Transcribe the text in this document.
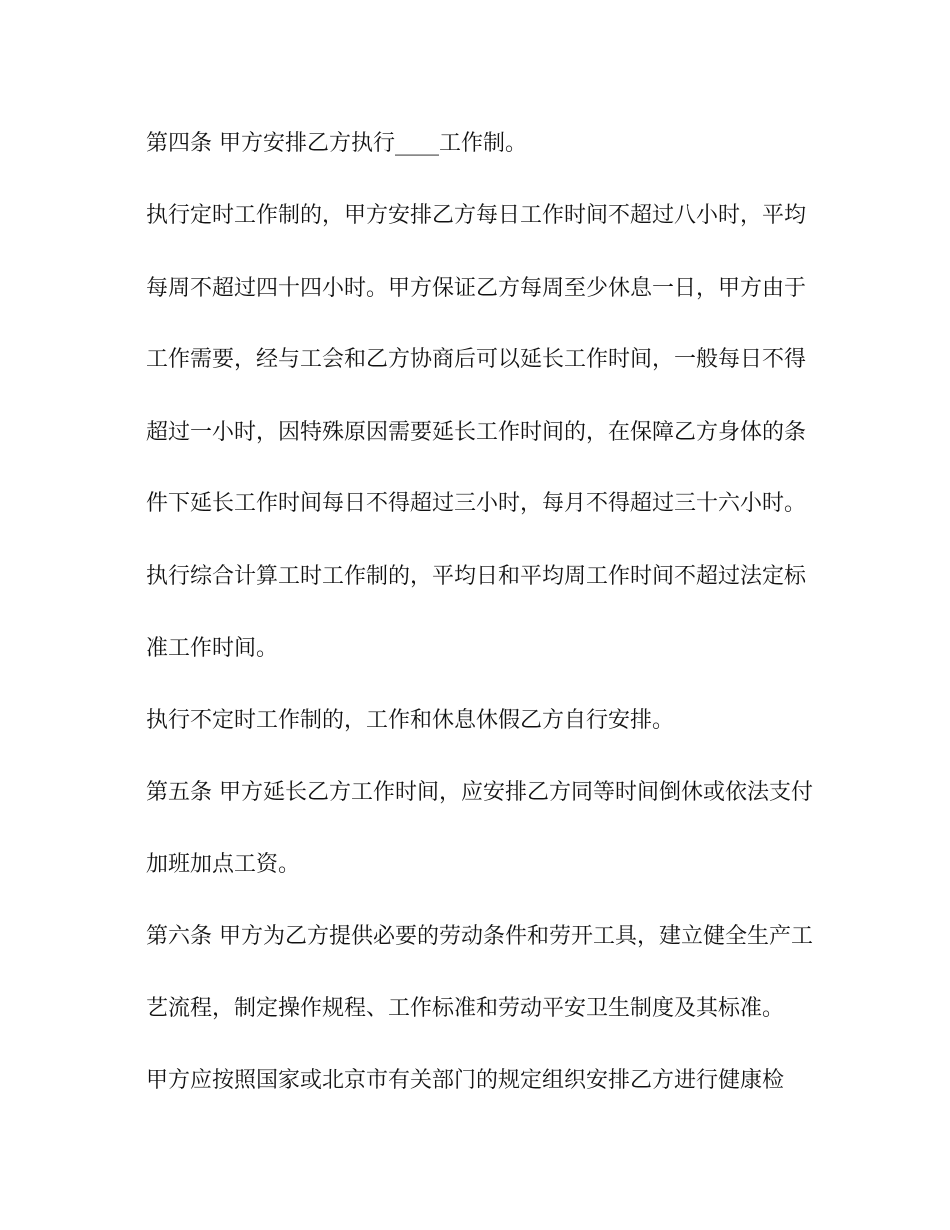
第四条 甲方安排乙方执行____工作制。
执行定时工作制的，甲方安排乙方每日工作时间不超过八小时，平均
每周不超过四十四小时。甲方保证乙方每周至少休息一日，甲方由于
工作需要，经与工会和乙方协商后可以延长工作时间，一般每日不得
超过一小时，因特殊原因需要延长工作时间的，在保障乙方身体的条
件下延长工作时间每日不得超过三小时，每月不得超过三十六小时。
执行综合计算工时工作制的，平均日和平均周工作时间不超过法定标
准工作时间。
执行不定时工作制的，工作和休息休假乙方自行安排。
第五条 甲方延长乙方工作时间，应安排乙方同等时间倒休或依法支付
加班加点工资。
第六条 甲方为乙方提供必要的劳动条件和劳开工具，建立健全生产工
艺流程，制定操作规程、工作标准和劳动平安卫生制度及其标准。
甲方应按照国家或北京市有关部门的规定组织安排乙方进行健康检
